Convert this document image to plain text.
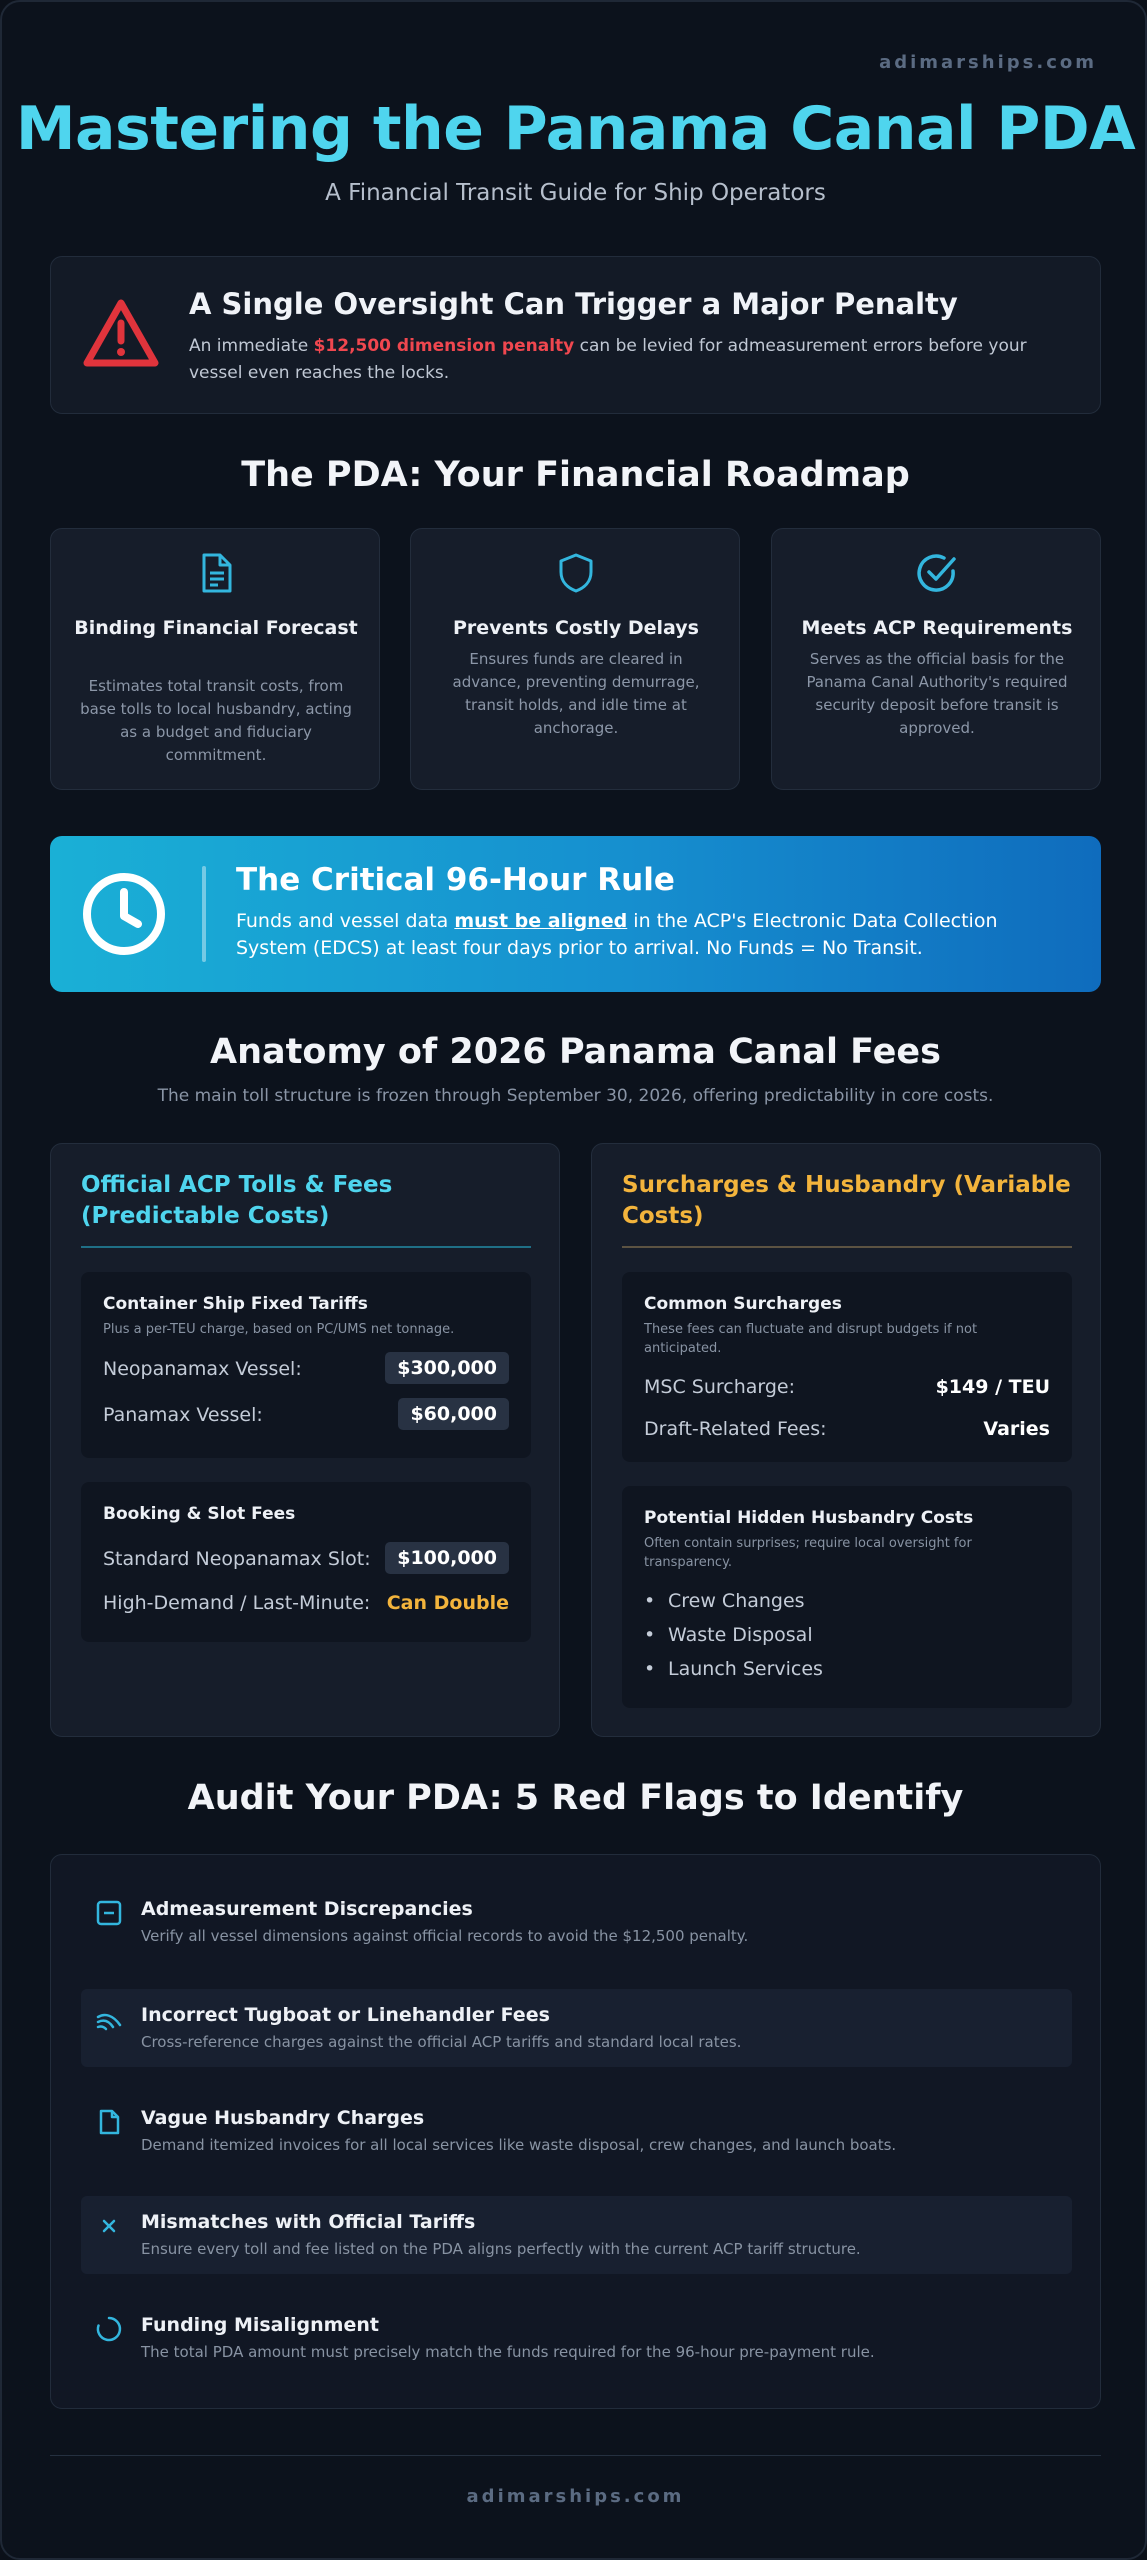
adimarships.com
Mastering the Panama Canal PDA
A Financial Transit Guide for Ship Operators
A Single Oversight Can Trigger a Major Penalty
An immediate $12,500 dimension penalty can be levied for admeasurement errors before your vessel even reaches the locks.
The PDA: Your Financial Roadmap
Binding Financial Forecast
Estimates total transit costs, from base tolls to local husbandry, acting as a budget and fiduciary commitment.
Prevents Costly Delays
Ensures funds are cleared in advance, preventing demurrage, transit holds, and idle time at anchorage.
Meets ACP Requirements
Serves as the official basis for the Panama Canal Authority's required security deposit before transit is approved.
The Critical 96-Hour Rule
Funds and vessel data must be aligned in the ACP's Electronic Data Collection System (EDCS) at least four days prior to arrival. No Funds = No Transit.
Anatomy of 2026 Panama Canal Fees
The main toll structure is frozen through September 30, 2026, offering predictability in core costs.
Official ACP Tolls & Fees (Predictable Costs)
Container Ship Fixed Tariffs
Plus a per-TEU charge, based on PC/UMS net tonnage.
Neopanamax Vessel:	$300,000
Panamax Vessel:	$60,000
Booking & Slot Fees
Standard Neopanamax Slot:	$100,000
High-Demand / Last-Minute: Can Double
Surcharges & Husbandry (Variable Costs)
Common Surcharges
These fees can fluctuate and disrupt budgets if not anticipated.
MSC Surcharge:	$149 / TEU
Draft-Related Fees:	Varies
Potential Hidden Husbandry Costs
Often contain surprises; require local oversight for transparency.
• Crew Changes
• Waste Disposal
• Launch Services
Audit Your PDA: 5 Red Flags to Identify
Admeasurement Discrepancies
Verify all vessel dimensions against official records to avoid the $12,500 penalty.
Incorrect Tugboat or Linehandler Fees
Cross-reference charges against the official ACP tariffs and standard local rates.
Vague Husbandry Charges
Demand itemized invoices for all local services like waste disposal, crew changes, and launch boats.
Mismatches with Official Tariffs
Ensure every toll and fee listed on the PDA aligns perfectly with the current ACP tariff structure.
Funding Misalignment
The total PDA amount must precisely match the funds required for the 96-hour pre-payment rule.
adimarships.com
